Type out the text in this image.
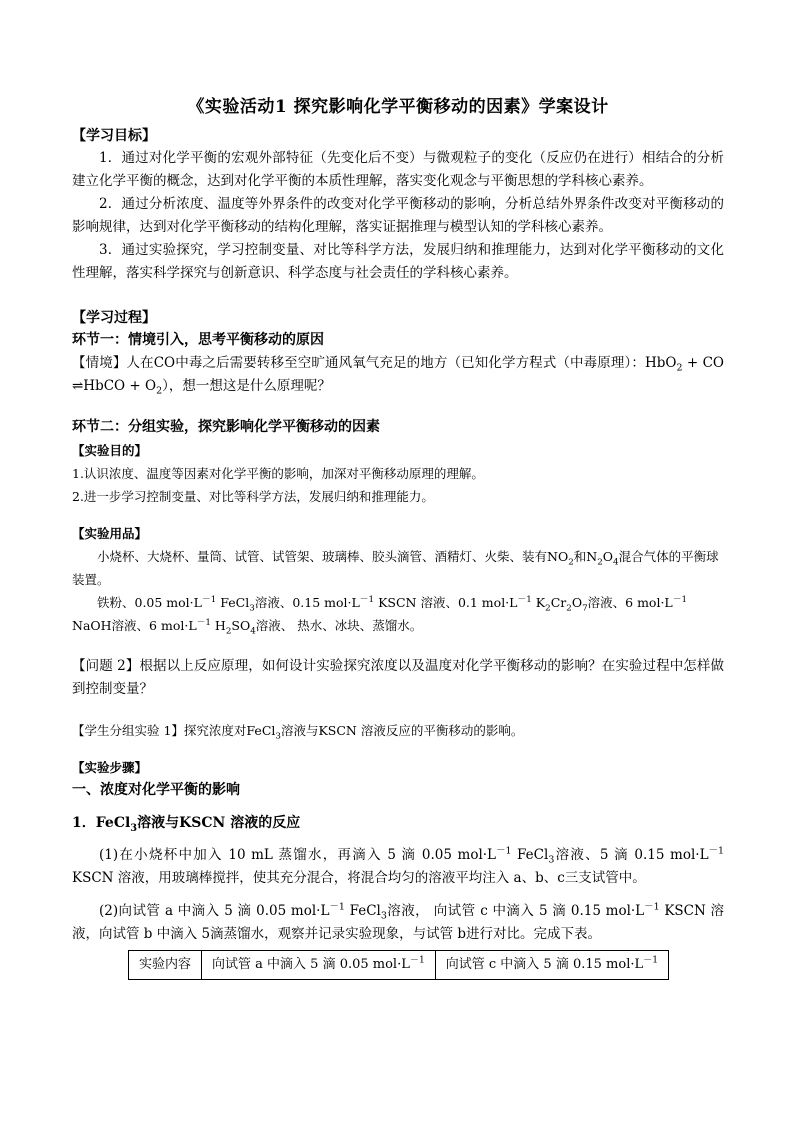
《实验活动1 探究影响化学平衡移动的因素》学案设计

【学习目标】

1．通过对化学平衡的宏观外部特征（先变化后不变）与微观粒子的变化（反应仍在进行）相结合的分析建立化学平衡的概念，达到对化学平衡的本质性理解，落实变化观念与平衡思想的学科核心素养。

2．通过分析浓度、温度等外界条件的改变对化学平衡移动的影响，分析总结外界条件改变对平衡移动的影响规律，达到对化学平衡移动的结构化理解，落实证据推理与模型认知的学科核心素养。

3．通过实验探究，学习控制变量、对比等科学方法，发展归纳和推理能力，达到对化学平衡移动的文化性理解，落实科学探究与创新意识、科学态度与社会责任的学科核心素养。

【学习过程】

环节一：情境引入，思考平衡移动的原因

【情境】人在CO中毒之后需要转移至空旷通风氧气充足的地方（已知化学方程式（中毒原理）：HbO$_2$ + CO ⇌HbCO + $O_2$），想一想这是什么原理呢？

环节二：分组实验，探究影响化学平衡移动的因素

【实验目的】

1.认识浓度、温度等因素对化学平衡的影响，加深对平衡移动原理的理解。

2.进一步学习控制变量、对比等科学方法，发展归纳和推理能力。

【实验用品】

小烧杯、大烧杯、量筒、试管、试管架、玻璃棒、胶头滴管、酒精灯、火柴、装有$NO_2$和$N_2O_4$混合气体的平衡球装置。

铁粉、0.05 $mol\cdot L^{-1}$ FeCl$_3$溶液、0.15 $mol\cdot L^{-1}$ KSCN 溶液、0.1 $mol\cdot L^{-1}$ $K_2Cr_2O_7$溶液、6 $mol\cdot L^{-1}$ NaOH溶液、6 $mol\cdot L^{-1}$ $H_2SO_4$溶液、 热水、冰块、蒸馏水。

【问题 2】根据以上反应原理，如何设计实验探究浓度以及温度对化学平衡移动的影响？在实验过程中怎样做到控制变量？

【学生分组实验 1】探究浓度对FeCl$_3$溶液与KSCN 溶液反应的平衡移动的影响。

【实验步骤】

一、浓度对化学平衡的影响

1．FeCl$_3$溶液与KSCN 溶液的反应

(1)在小烧杯中加入 10 mL 蒸馏水，再滴入 5 滴 0.05 $mol\cdot L^{-1}$ FeCl$_3$溶液、5 滴 0.15 $mol\cdot L^{-1}$ KSCN 溶液，用玻璃棒搅拌，使其充分混合，将混合均匀的溶液平均注入 a、b、c三支试管中。

(2)向试管 a 中滴入 5 滴 0.05 $mol\cdot L^{-1}$ FeCl$_3$溶液， 向试管 c 中滴入 5 滴 0.15 $mol\cdot L^{-1}$ KSCN 溶液，向试管 b 中滴入 5滴蒸馏水，观察并记录实验现象，与试管 b进行对比。完成下表。

实验内容	向试管 a 中滴入 5 滴 0.05 $mol\cdot L^{-1}$	向试管 c 中滴入 5 滴 0.15 $mol\cdot L^{-1}$
